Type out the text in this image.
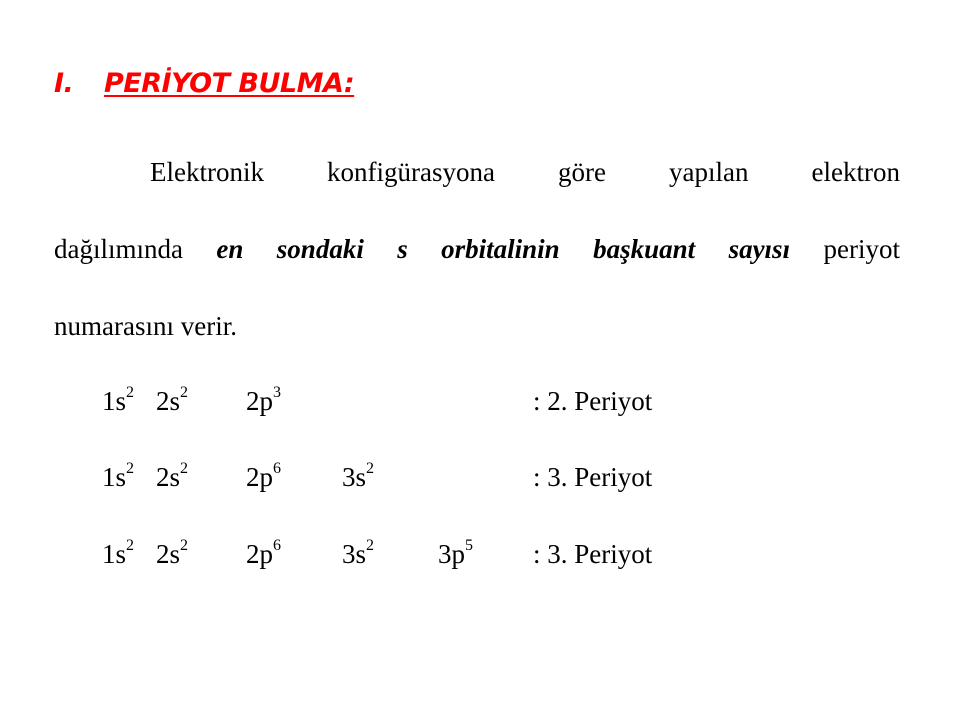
I. PERİYOT BULMA:
Elektronik konfigürasyona göre yapılan elektron
dağılımında en sondaki s orbitalinin başkuant sayısı periyot
numarasını verir.
$1s^2$ $2s^2$ $2p^3$	: 2. Periyot
$1s^2$ $2s^2$ $2p^6$ $3s^2$	: 3. Periyot
$1s^2$ $2s^2$ $2p^6$ $3s^2$ $3p^5$ : 3. Periyot
